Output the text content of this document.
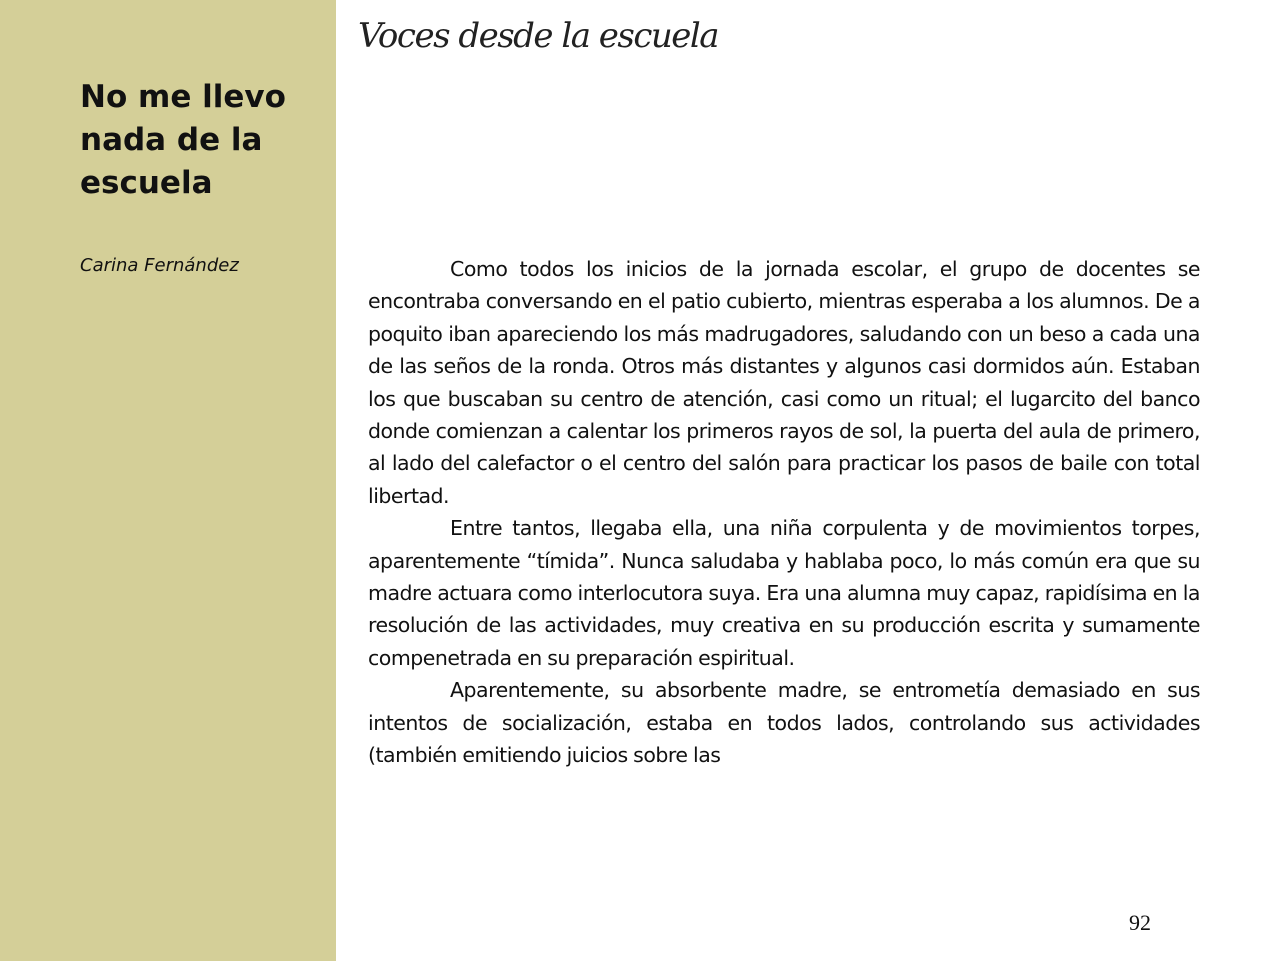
No me llevo nada de la escuela
Carina Fernández
Voces desde la escuela

Como todos los inicios de la jornada escolar, el grupo de docentes se encontraba conversando en el patio cubierto, mientras esperaba a los alumnos. De a poquito iban apareciendo los más madrugadores, saludando con un beso a cada una de las seños de la ronda. Otros más distantes y algunos casi dormidos aún. Estaban los que buscaban su centro de atención, casi como un ritual; el lugarcito del banco donde comienzan a calentar los primeros rayos de sol, la puerta del aula de primero, al lado del calefactor o el centro del salón para practicar los pasos de baile con total libertad.

Entre tantos, llegaba ella, una niña corpulenta y de movimientos torpes, aparentemente “tímida”. Nunca saludaba y hablaba poco, lo más común era que su madre actuara como interlocutora suya. Era una alumna muy capaz, rapidísima en la resolución de las actividades, muy creativa en su producción escrita y sumamente compenetrada en su preparación espiritual.

Aparentemente, su absorbente madre, se entrometía demasiado en sus intentos de socialización, estaba en todos lados, controlando sus actividades (también emitiendo juicios sobre las

92
